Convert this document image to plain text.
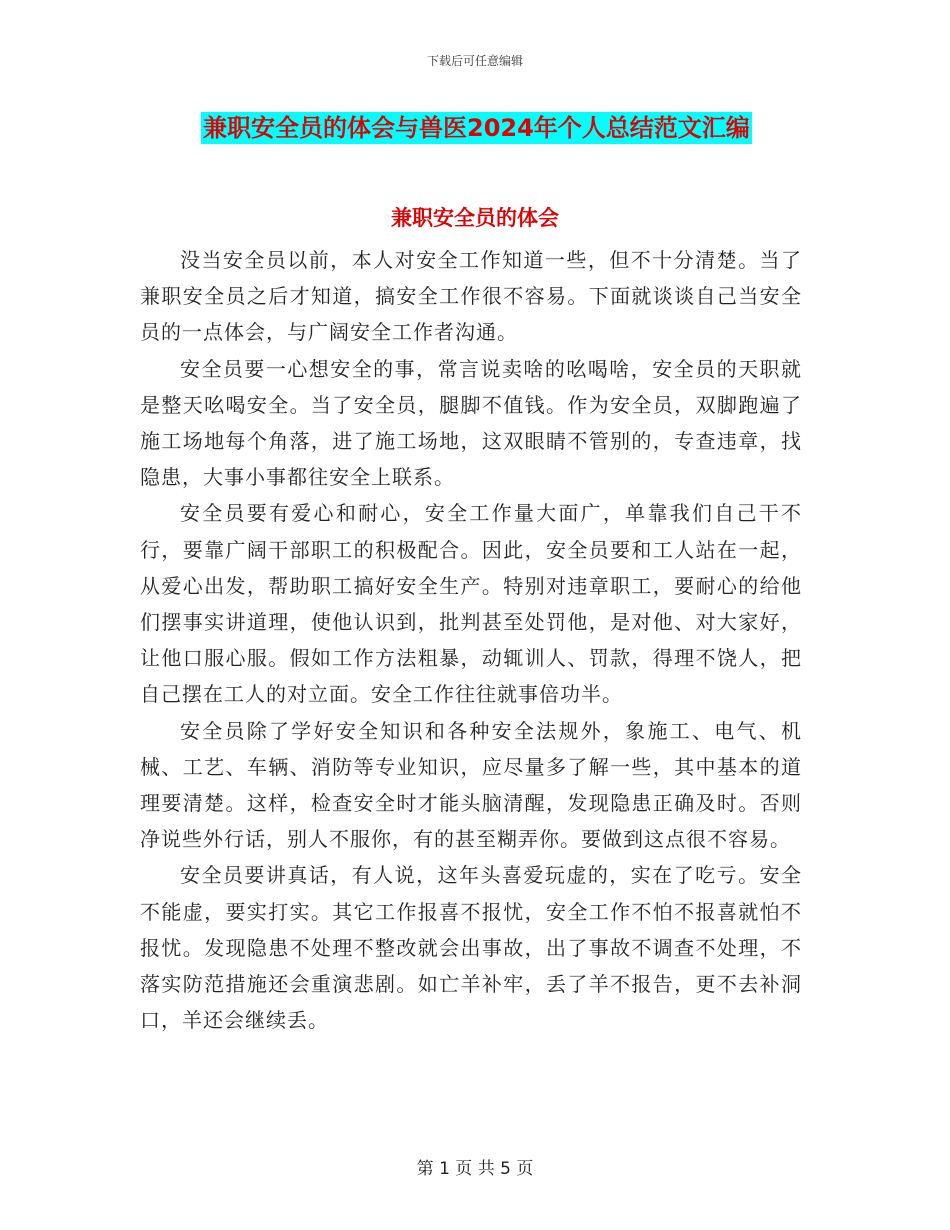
下载后可任意编辑
兼职安全员的体会与兽医2024年个人总结范文汇编

没当安全员以前，本人对安全工作知道一些，但不十分清楚。当了兼职安全员之后才知道，搞安全工作很不容易。下面就谈谈自己当安全员的一点体会，与广阔安全工作者沟通。

安全员要一心想安全的事，常言说卖啥的吆喝啥，安全员的天职就是整天吆喝安全。当了安全员，腿脚不值钱。作为安全员，双脚跑遍了施工场地每个角落，进了施工场地，这双眼睛不管别的，专查违章，找隐患，大事小事都往安全上联系。

安全员要有爱心和耐心，安全工作量大面广，单靠我们自己干不行，要靠广阔干部职工的积极配合。因此，安全员要和工人站在一起，从爱心出发，帮助职工搞好安全生产。特别对违章职工，要耐心的给他们摆事实讲道理，使他认识到，批判甚至处罚他，是对他、对大家好，让他口服心服。假如工作方法粗暴，动辄训人、罚款，得理不饶人，把自己摆在工人的对立面。安全工作往往就事倍功半。

安全员除了学好安全知识和各种安全法规外，象施工、电气、机械、工艺、车辆、消防等专业知识，应尽量多了解一些，其中基本的道理要清楚。这样，检查安全时才能头脑清醒，发现隐患正确及时。否则净说些外行话，别人不服你，有的甚至糊弄你。要做到这点很不容易。

安全员要讲真话，有人说，这年头喜爱玩虚的，实在了吃亏。安全不能虚，要实打实。其它工作报喜不报忧，安全工作不怕不报喜就怕不报忧。发现隐患不处理不整改就会出事故，出了事故不调查不处理，不落实防范措施还会重演悲剧。如亡羊补牢，丢了羊不报告，更不去补洞口，羊还会继续丢。

兼职安全员的体会
第 1 页 共 5 页
